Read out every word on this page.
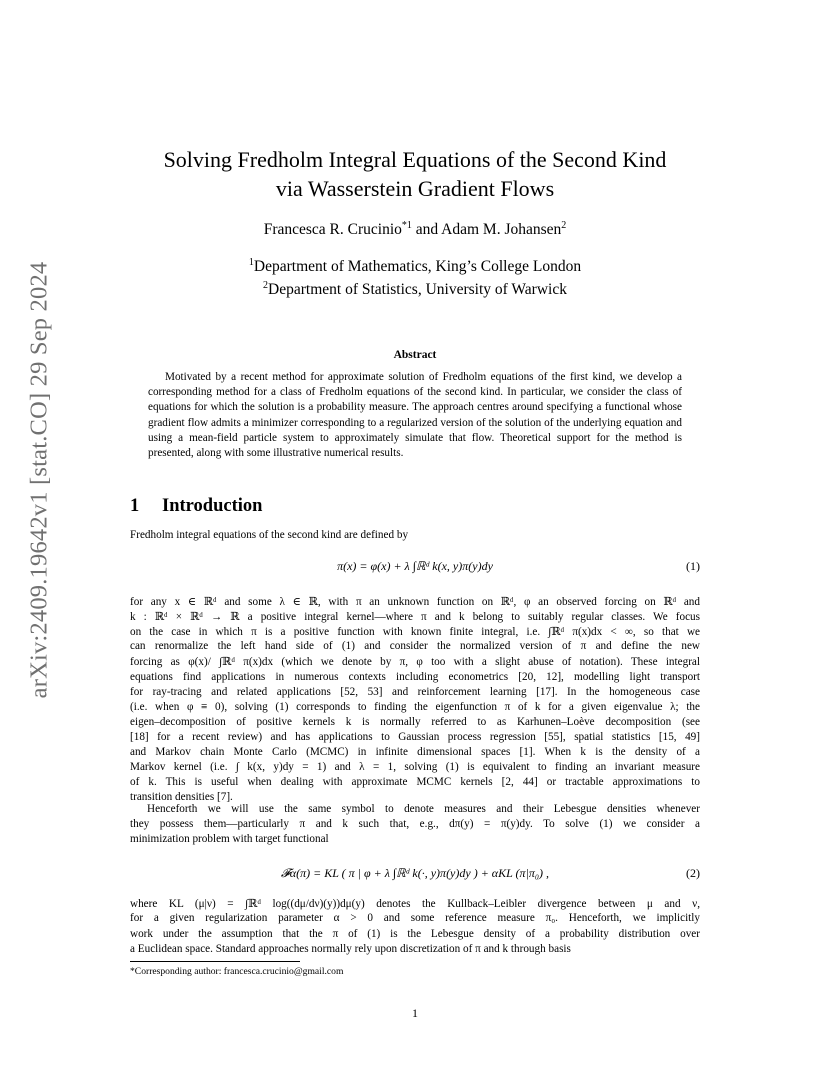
arXiv:2409.19642v1 [stat.CO] 29 Sep 2024
Solving Fredholm Integral Equations of the Second Kind
via Wasserstein Gradient Flows
Francesca R. Crucinio$^{*1}$ and Adam M. Johansen$^2$
$^1$Department of Mathematics, King’s College London
$^2$Department of Statistics, University of Warwick
Abstract

Motivated by a recent method for approximate solution of Fredholm equations of the first kind, we develop a corresponding method for a class of Fredholm equations of the second kind. In particular, we consider the class of equations for which the solution is a probability measure. The approach centres around specifying a functional whose gradient flow admits a minimizer corresponding to a regularized version of the solution of the underlying equation and using a mean-field particle system to approximately simulate that flow. Theoretical support for the method is presented, along with some illustrative numerical results.

1 Introduction
Fredholm integral equations of the second kind are defined by
π(x) = φ(x) + λ ∫ℝᵈ k(x, y)π(y)dy	(1)
for any x ∈ ℝᵈ and some λ ∈ ℝ, with π an unknown function on ℝᵈ, φ an observed forcing on ℝᵈ and
k : ℝᵈ × ℝᵈ → ℝ a positive integral kernel—where π and k belong to suitably regular classes. We focus
on the case in which π is a positive function with known finite integral, i.e. ∫ℝᵈ π(x)dx < ∞, so that we
can renormalize the left hand side of (1) and consider the normalized version of π and define the new
forcing as φ(x)/ ∫ℝᵈ π(x)dx (which we denote by π, φ too with a slight abuse of notation). These integral
equations find applications in numerous contexts including econometrics [20, 12], modelling light transport
for ray-tracing and related applications [52, 53] and reinforcement learning [17]. In the homogeneous case
(i.e. when φ ≡ 0), solving (1) corresponds to finding the eigenfunction π of k for a given eigenvalue λ; the
eigen–decomposition of positive kernels k is normally referred to as Karhunen–Loève decomposition (see
[18] for a recent review) and has applications to Gaussian process regression [55], spatial statistics [15, 49]
and Markov chain Monte Carlo (MCMC) in infinite dimensional spaces [1]. When k is the density of a
Markov kernel (i.e. ∫ k(x, y)dy = 1) and λ = 1, solving (1) is equivalent to finding an invariant measure
of k. This is useful when dealing with approximate MCMC kernels [2, 44] or tractable approximations to
transition densities [7].
Henceforth we will use the same symbol to denote measures and their Lebesgue densities whenever
they possess them—particularly π and k such that, e.g., dπ(y) = π(y)dy. To solve (1) we consider a
minimization problem with target functional
𝓕α(π) = KL ( π | φ + λ ∫ℝᵈ k(·, y)π(y)dy ) + αKL (π|π₀) ,	(2)
where KL (μ|ν) = ∫ℝᵈ log((dμ/dν)(y))dμ(y) denotes the Kullback–Leibler divergence between μ and ν,
for a given regularization parameter α > 0 and some reference measure π₀. Henceforth, we implicitly
work under the assumption that the π of (1) is the Lebesgue density of a probability distribution over
a Euclidean space. Standard approaches normally rely upon discretization of π and k through basis
*Corresponding author: francesca.crucinio@gmail.com
1
